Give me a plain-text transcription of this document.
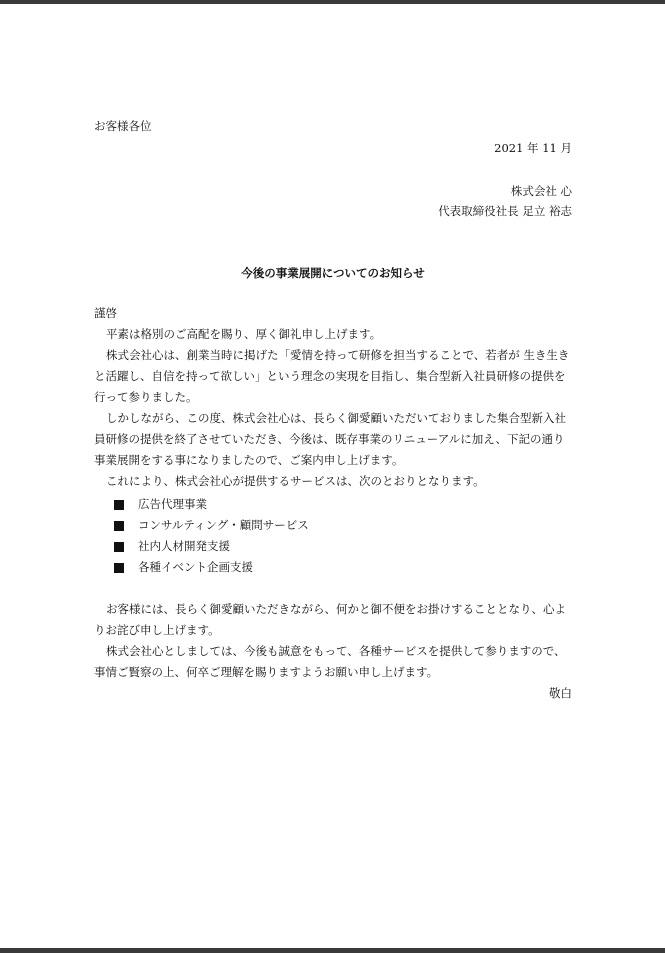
お客様各位

2021 年 11 月

株式会社 心
代表取締役社長 足立 裕志
今後の事業展開についてのお知らせ
謹啓

平素は格別のご高配を賜り、厚く御礼申し上げます。

株式会社心は、創業当時に掲げた「愛情を持って研修を担当することで、若者が 生き生きと活躍し、自信を持って欲しい」という理念の実現を目指し、集合型新入社員研修の提供を行って参りました。

しかしながら、この度、株式会社心は、長らく御愛顧いただいておりました集合型新入社員研修の提供を終了させていただき、今後は、既存事業のリニューアルに加え、下記の通り事業展開をする事になりましたので、ご案内申し上げます。

これにより、株式会社心が提供するサービスは、次のとおりとなります。

広告代理事業
コンサルティング・顧問サービス
社内人材開発支援
各種イベント企画支援

お客様には、長らく御愛顧いただきながら、何かと御不便をお掛けすることとなり、心よりお詫び申し上げます。

株式会社心としましては、今後も誠意をもって、各種サービスを提供して参りますので、事情ご賢察の上、何卒ご理解を賜りますようお願い申し上げます。

敬白
